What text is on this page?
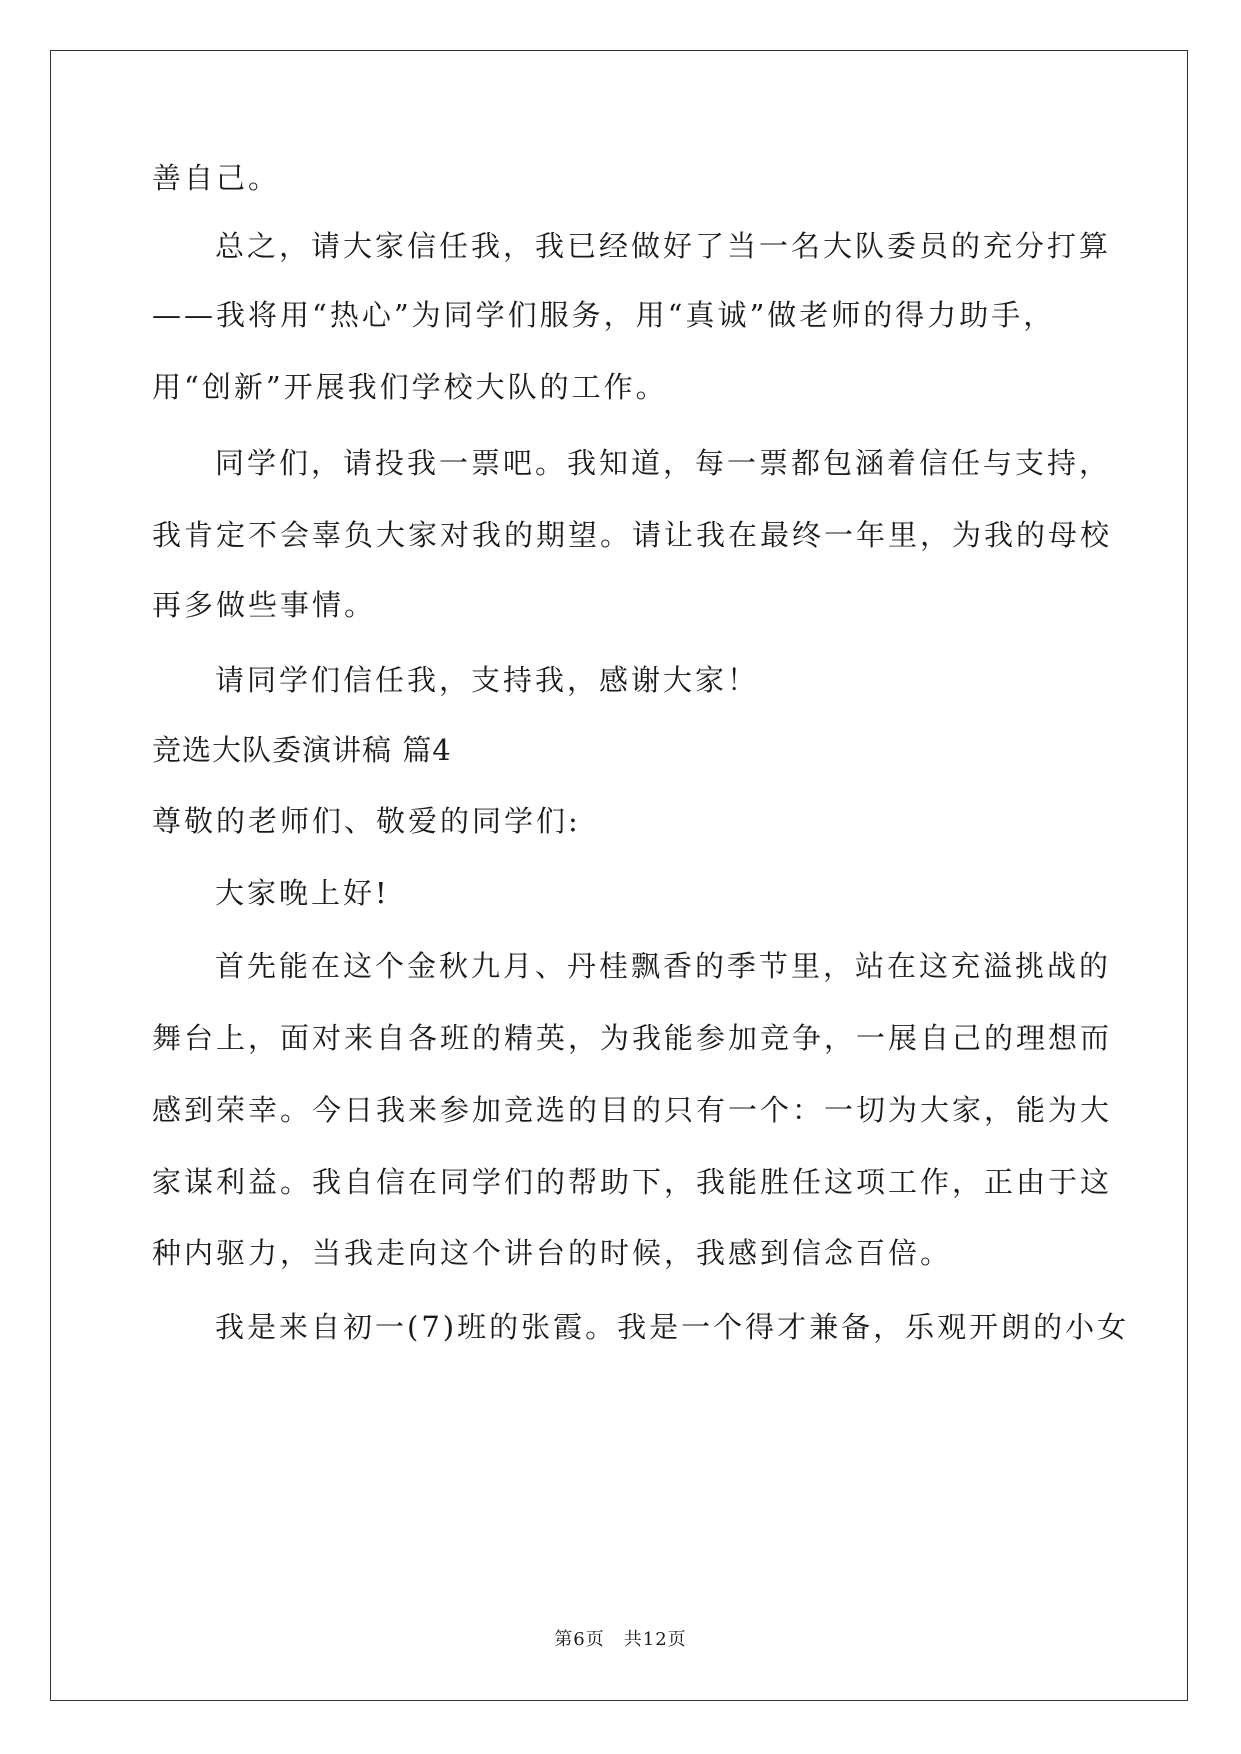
善自己。
总之，请大家信任我，我已经做好了当一名大队委员的充分打算
——我将用“热心”为同学们服务，用“真诚”做老师的得力助手，
用“创新”开展我们学校大队的工作。
同学们，请投我一票吧。我知道，每一票都包涵着信任与支持，
我肯定不会辜负大家对我的期望。请让我在最终一年里，为我的母校
再多做些事情。
请同学们信任我，支持我，感谢大家！
竞选大队委演讲稿 篇4
尊敬的老师们、敬爱的同学们:
大家晚上好!
首先能在这个金秋九月、丹桂飘香的季节里，站在这充溢挑战的
舞台上，面对来自各班的精英，为我能参加竞争，一展自己的理想而
感到荣幸。今日我来参加竞选的目的只有一个：一切为大家，能为大
家谋利益。我自信在同学们的帮助下，我能胜任这项工作，正由于这
种内驱力，当我走向这个讲台的时候，我感到信念百倍。
我是来自初一(7)班的张霞。我是一个得才兼备，乐观开朗的小女
第6页　共12页
